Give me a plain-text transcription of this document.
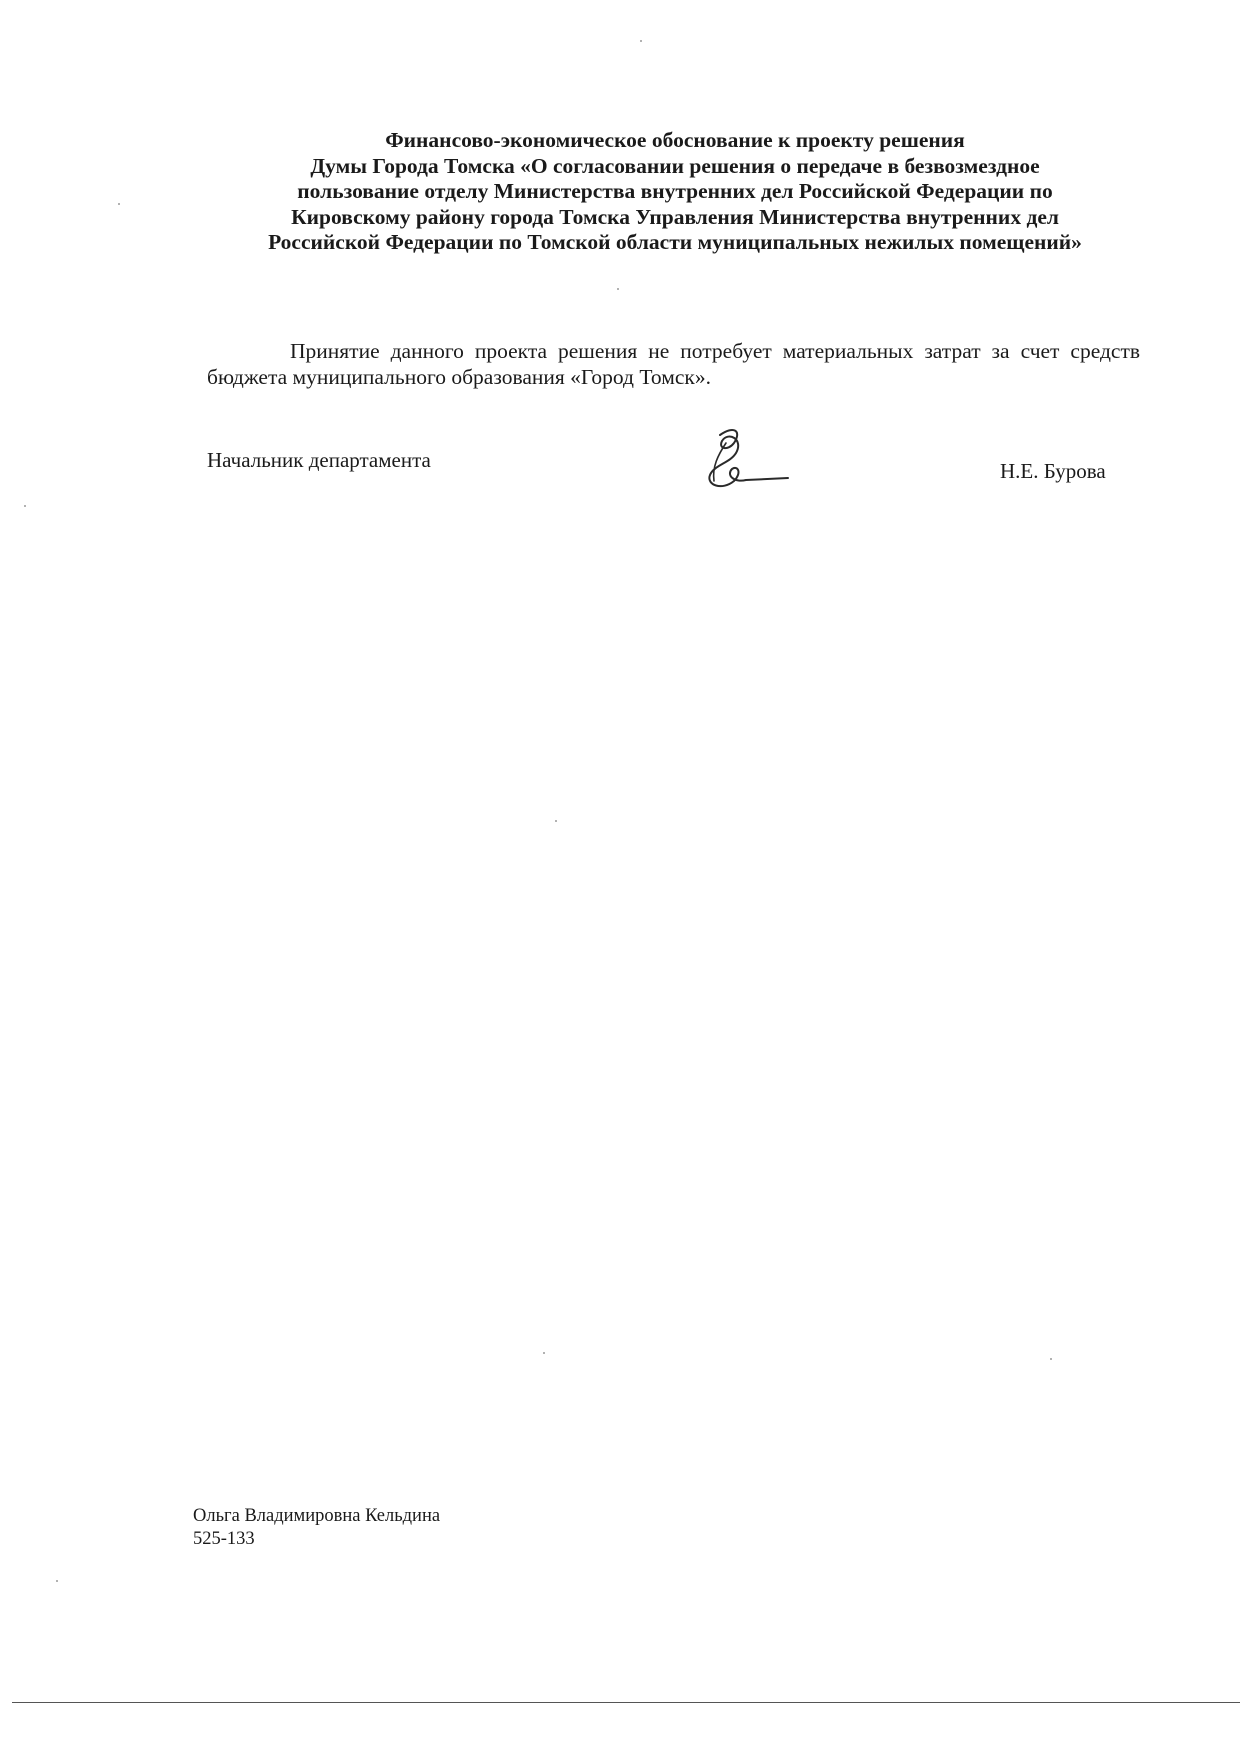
Финансово-экономическое обоснование к проекту решения
Думы Города Томска «О согласовании решения о передаче в безвозмездное
пользование отделу Министерства внутренних дел Российской Федерации по
Кировскому району города Томска Управления Министерства внутренних дел
Российской Федерации по Томской области муниципальных нежилых помещений»

Принятие данного проекта решения не потребует материальных затрат за счет средств бюджета муниципального образования «Город Томск».

Начальник департамента	Н.Е. Бурова
Ольга Владимировна Кельдина
525-133
